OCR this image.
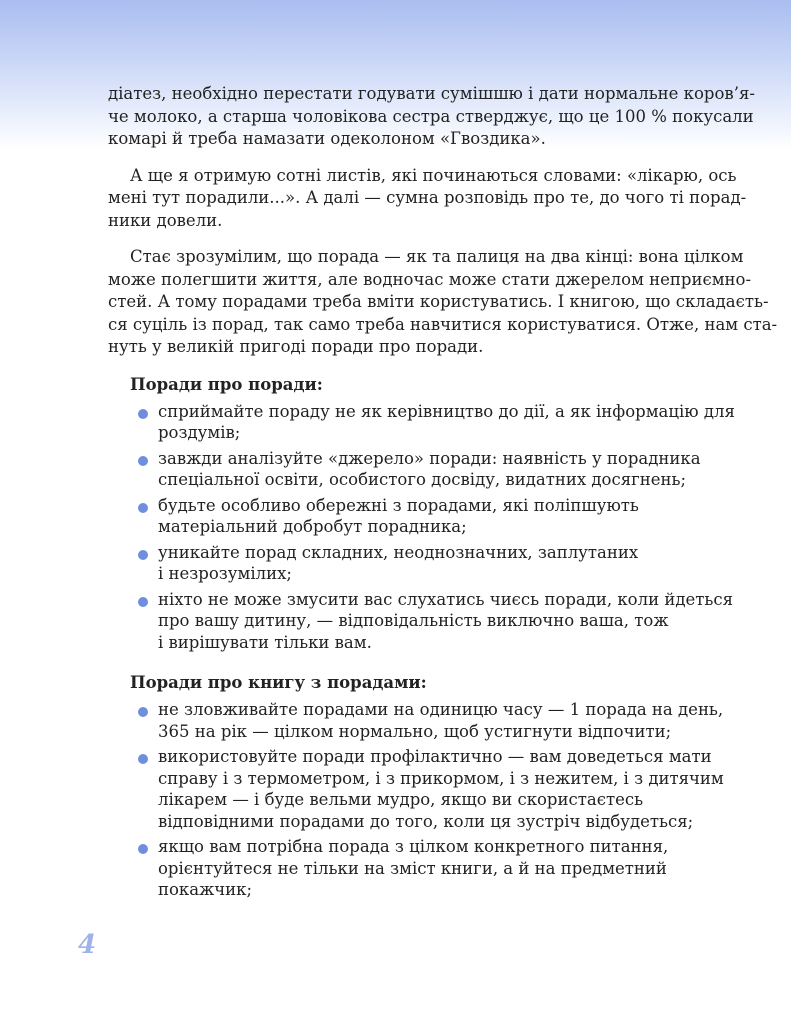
діатез, необхідно перестати годувати сумішшю і дати нормальне коров’я-
че молоко, а старша чоловікова сестра стверджує, що це 100 % покусали
комарі й треба намазати одеколоном «Гвоздика».
А ще я отримую сотні листів, які починаються словами: «лікарю, ось
мені тут порадили...». А далі — сумна розповідь про те, до чого ті порад-
ники довели.
Стає зрозумілим, що порада — як та палиця на два кінці: вона цілком
може полегшити життя, але водночас може стати джерелом неприємно-
стей. А тому порадами треба вміти користуватись. І книгою, що складаєть-
ся суціль із порад, так само треба навчитися користуватися. Отже, нам ста-
нуть у великій пригоді поради про поради.
Поради про поради:
сприймайте пораду не як керівництво до дії, а як інформацію для
роздумів;
завжди аналізуйте «джерело» поради: наявність у порадника
спеціальної освіти, особистого досвіду, видатних досягнень;
будьте особливо обережні з порадами, які поліпшують
матеріальний добробут порадника;
уникайте порад складних, неоднозначних, заплутаних
і незрозумілих;
ніхто не може змусити вас слухатись чиєсь поради, коли йдеться
про вашу дитину, — відповідальність виключно ваша, тож
і вирішувати тільки вам.
Поради про книгу з порадами:
не зловживайте порадами на одиницю часу — 1 порада на день,
365 на рік — цілком нормально, щоб устигнути відпочити;
використовуйте поради профілактично — вам доведеться мати
справу і з термометром, і з прикормом, і з нежитем, і з дитячим
лікарем — і буде вельми мудро, якщо ви скористаєтесь
відповідними порадами до того, коли ця зустріч відбудеться;
якщо вам потрібна порада з цілком конкретного питання,
орієнтуйтеся не тільки на зміст книги, а й на предметний
покажчик;
4
